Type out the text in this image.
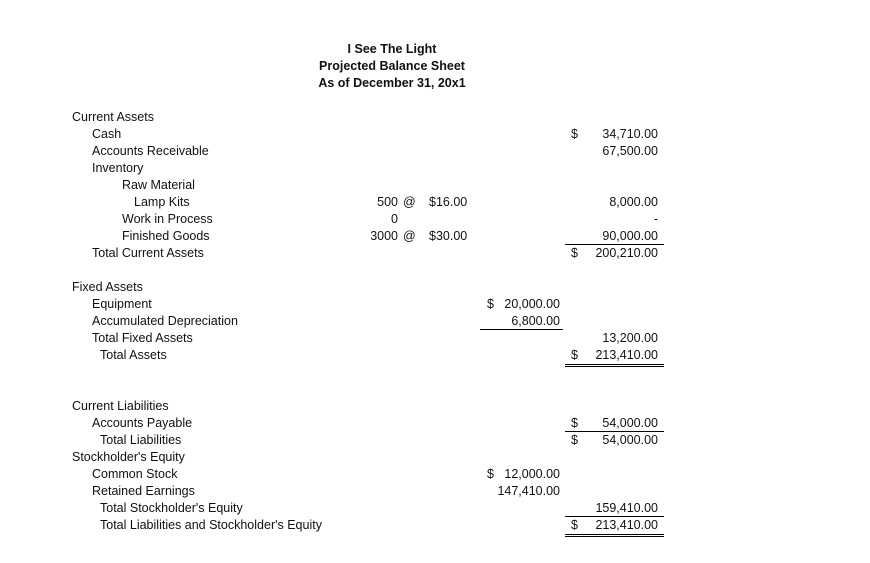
I See The Light
Projected Balance Sheet
As of December 31, 20x1
Current Assets
Cash	$ 34,710.00
Accounts Receivable	67,500.00
Inventory
Raw Material
Lamp Kits	500 @ $16.00	8,000.00
Work in Process	0	-
Finished Goods	3000 @ $30.00	90,000.00
Total Current Assets	$ 200,210.00
Fixed Assets
Equipment	$ 20,000.00
Accumulated Depreciation	6,800.00
Total Fixed Assets	13,200.00
Total Assets	$ 213,410.00
Current Liabilities
Accounts Payable	$ 54,000.00
Total Liabilities	$ 54,000.00
Stockholder's Equity
Common Stock	$ 12,000.00
Retained Earnings	147,410.00
Total Stockholder's Equity	159,410.00
Total Liabilities and Stockholder's Equity	$ 213,410.00
